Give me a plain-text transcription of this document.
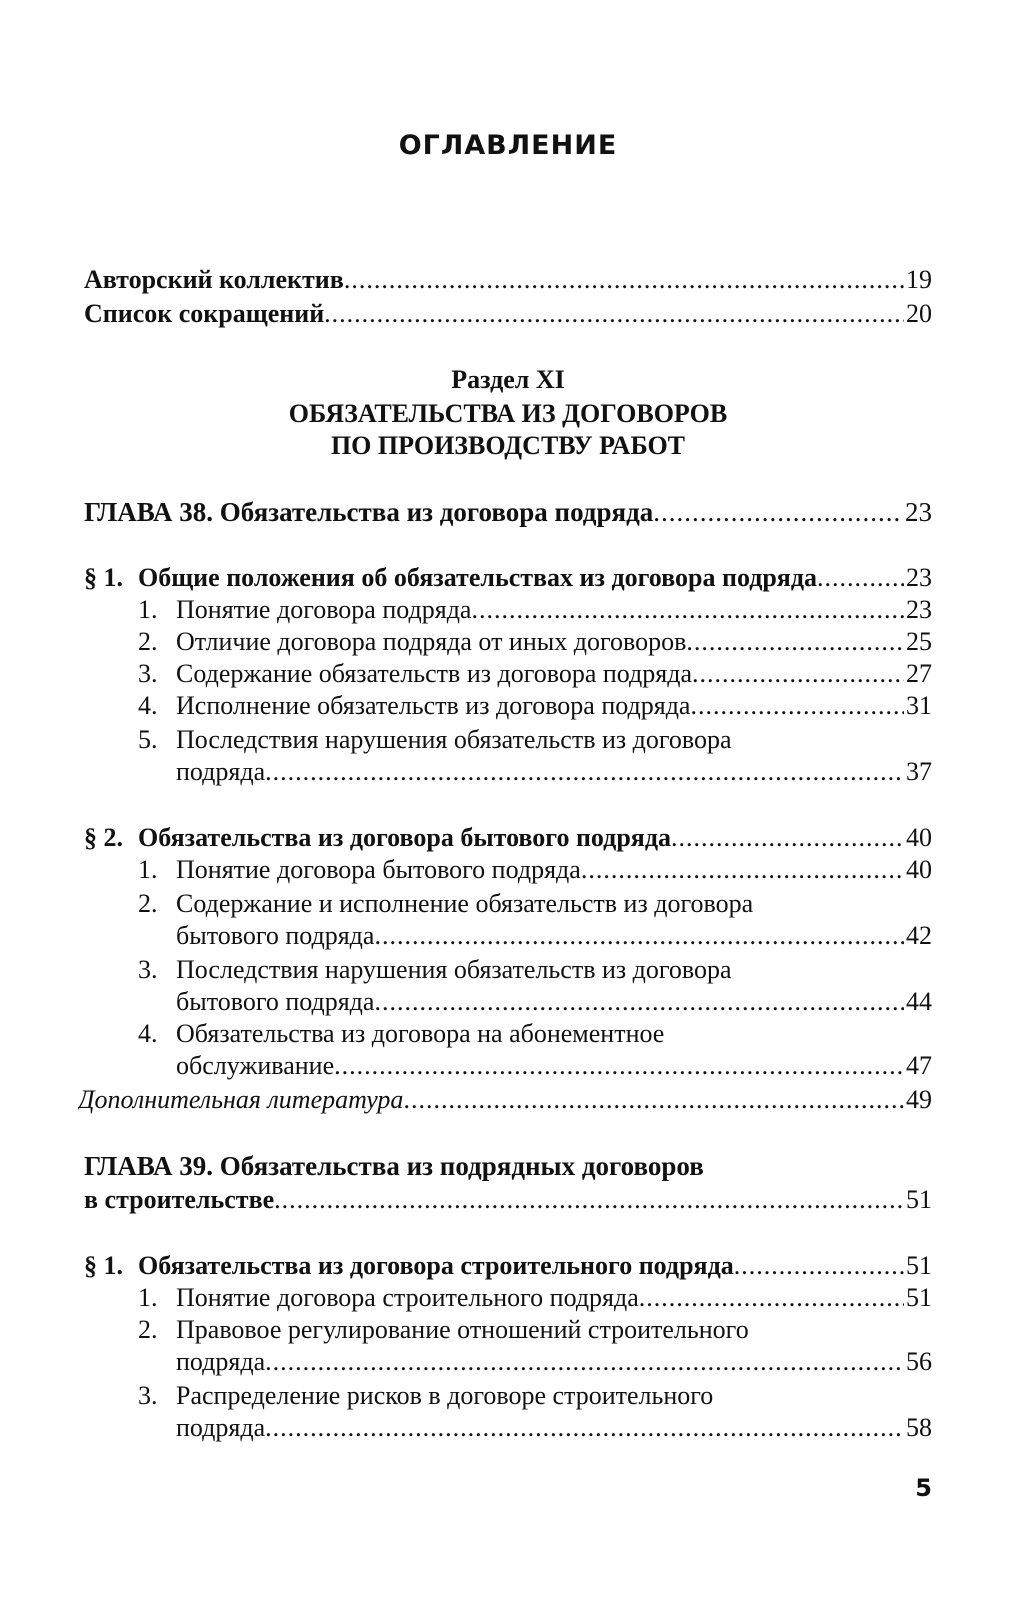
ОГЛАВЛЕНИЕ
Авторский коллектив .....	19
Список сокращений .....	20
Раздел XI
ОБЯЗАТЕЛЬСТВА ИЗ ДОГОВОРОВ
ПО ПРОИЗВОДСТВУ РАБОТ
ГЛАВА 38. Обязательства из договора подряда .....	23
§ 1. Общие положения об обязательствах из договора подряда .....	23
1. Понятие договора подряда .....	23
2. Отличие договора подряда от иных договоров .....	25
3. Содержание обязательств из договора подряда .....	27
4. Исполнение обязательств из договора подряда .....	31
5. Последствия нарушения обязательств из договора
подряда .....	37
§ 2. Обязательства из договора бытового подряда .....	40
1. Понятие договора бытового подряда .....	40
2. Содержание и исполнение обязательств из договора
бытового подряда .....	42
3. Последствия нарушения обязательств из договора
бытового подряда .....	44
4. Обязательства из договора на абонементное
обслуживание .....	47
Дополнительная литература .....	49
ГЛАВА 39. Обязательства из подрядных договоров
в строительстве .....	51
§ 1. Обязательства из договора строительного подряда .....	51
1. Понятие договора строительного подряда .....	51
2. Правовое регулирование отношений строительного
подряда .....	56
3. Распределение рисков в договоре строительного
подряда .....	58
5
